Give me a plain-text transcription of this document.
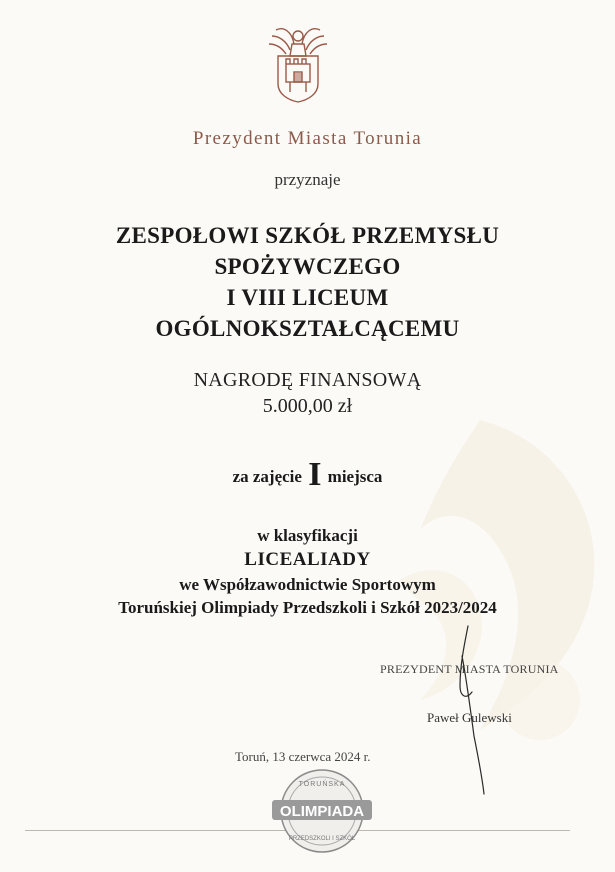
Prezydent Miasta Torunia
przyznaje
ZESPOŁOWI SZKÓŁ PRZEMYSŁU
SPOŻYWCZEGO
I VIII LICEUM
OGÓLNOKSZTAŁCĄCEMU
NAGRODĘ FINANSOWĄ
5.000,00 zł
za zajęcie I miejsca
w klasyfikacji
LICEALIADY
we Współzawodnictwie Sportowym
Toruńskiej Olimpiady Przedszkoli i Szkół 2023/2024
PREZYDENT MIASTA TORUNIA
Paweł Gulewski
Toruń, 13 czerwca 2024 r.
TORUŃSKA
OLIMPIADA
PRZEDSZKOLI I SZKÓŁ
